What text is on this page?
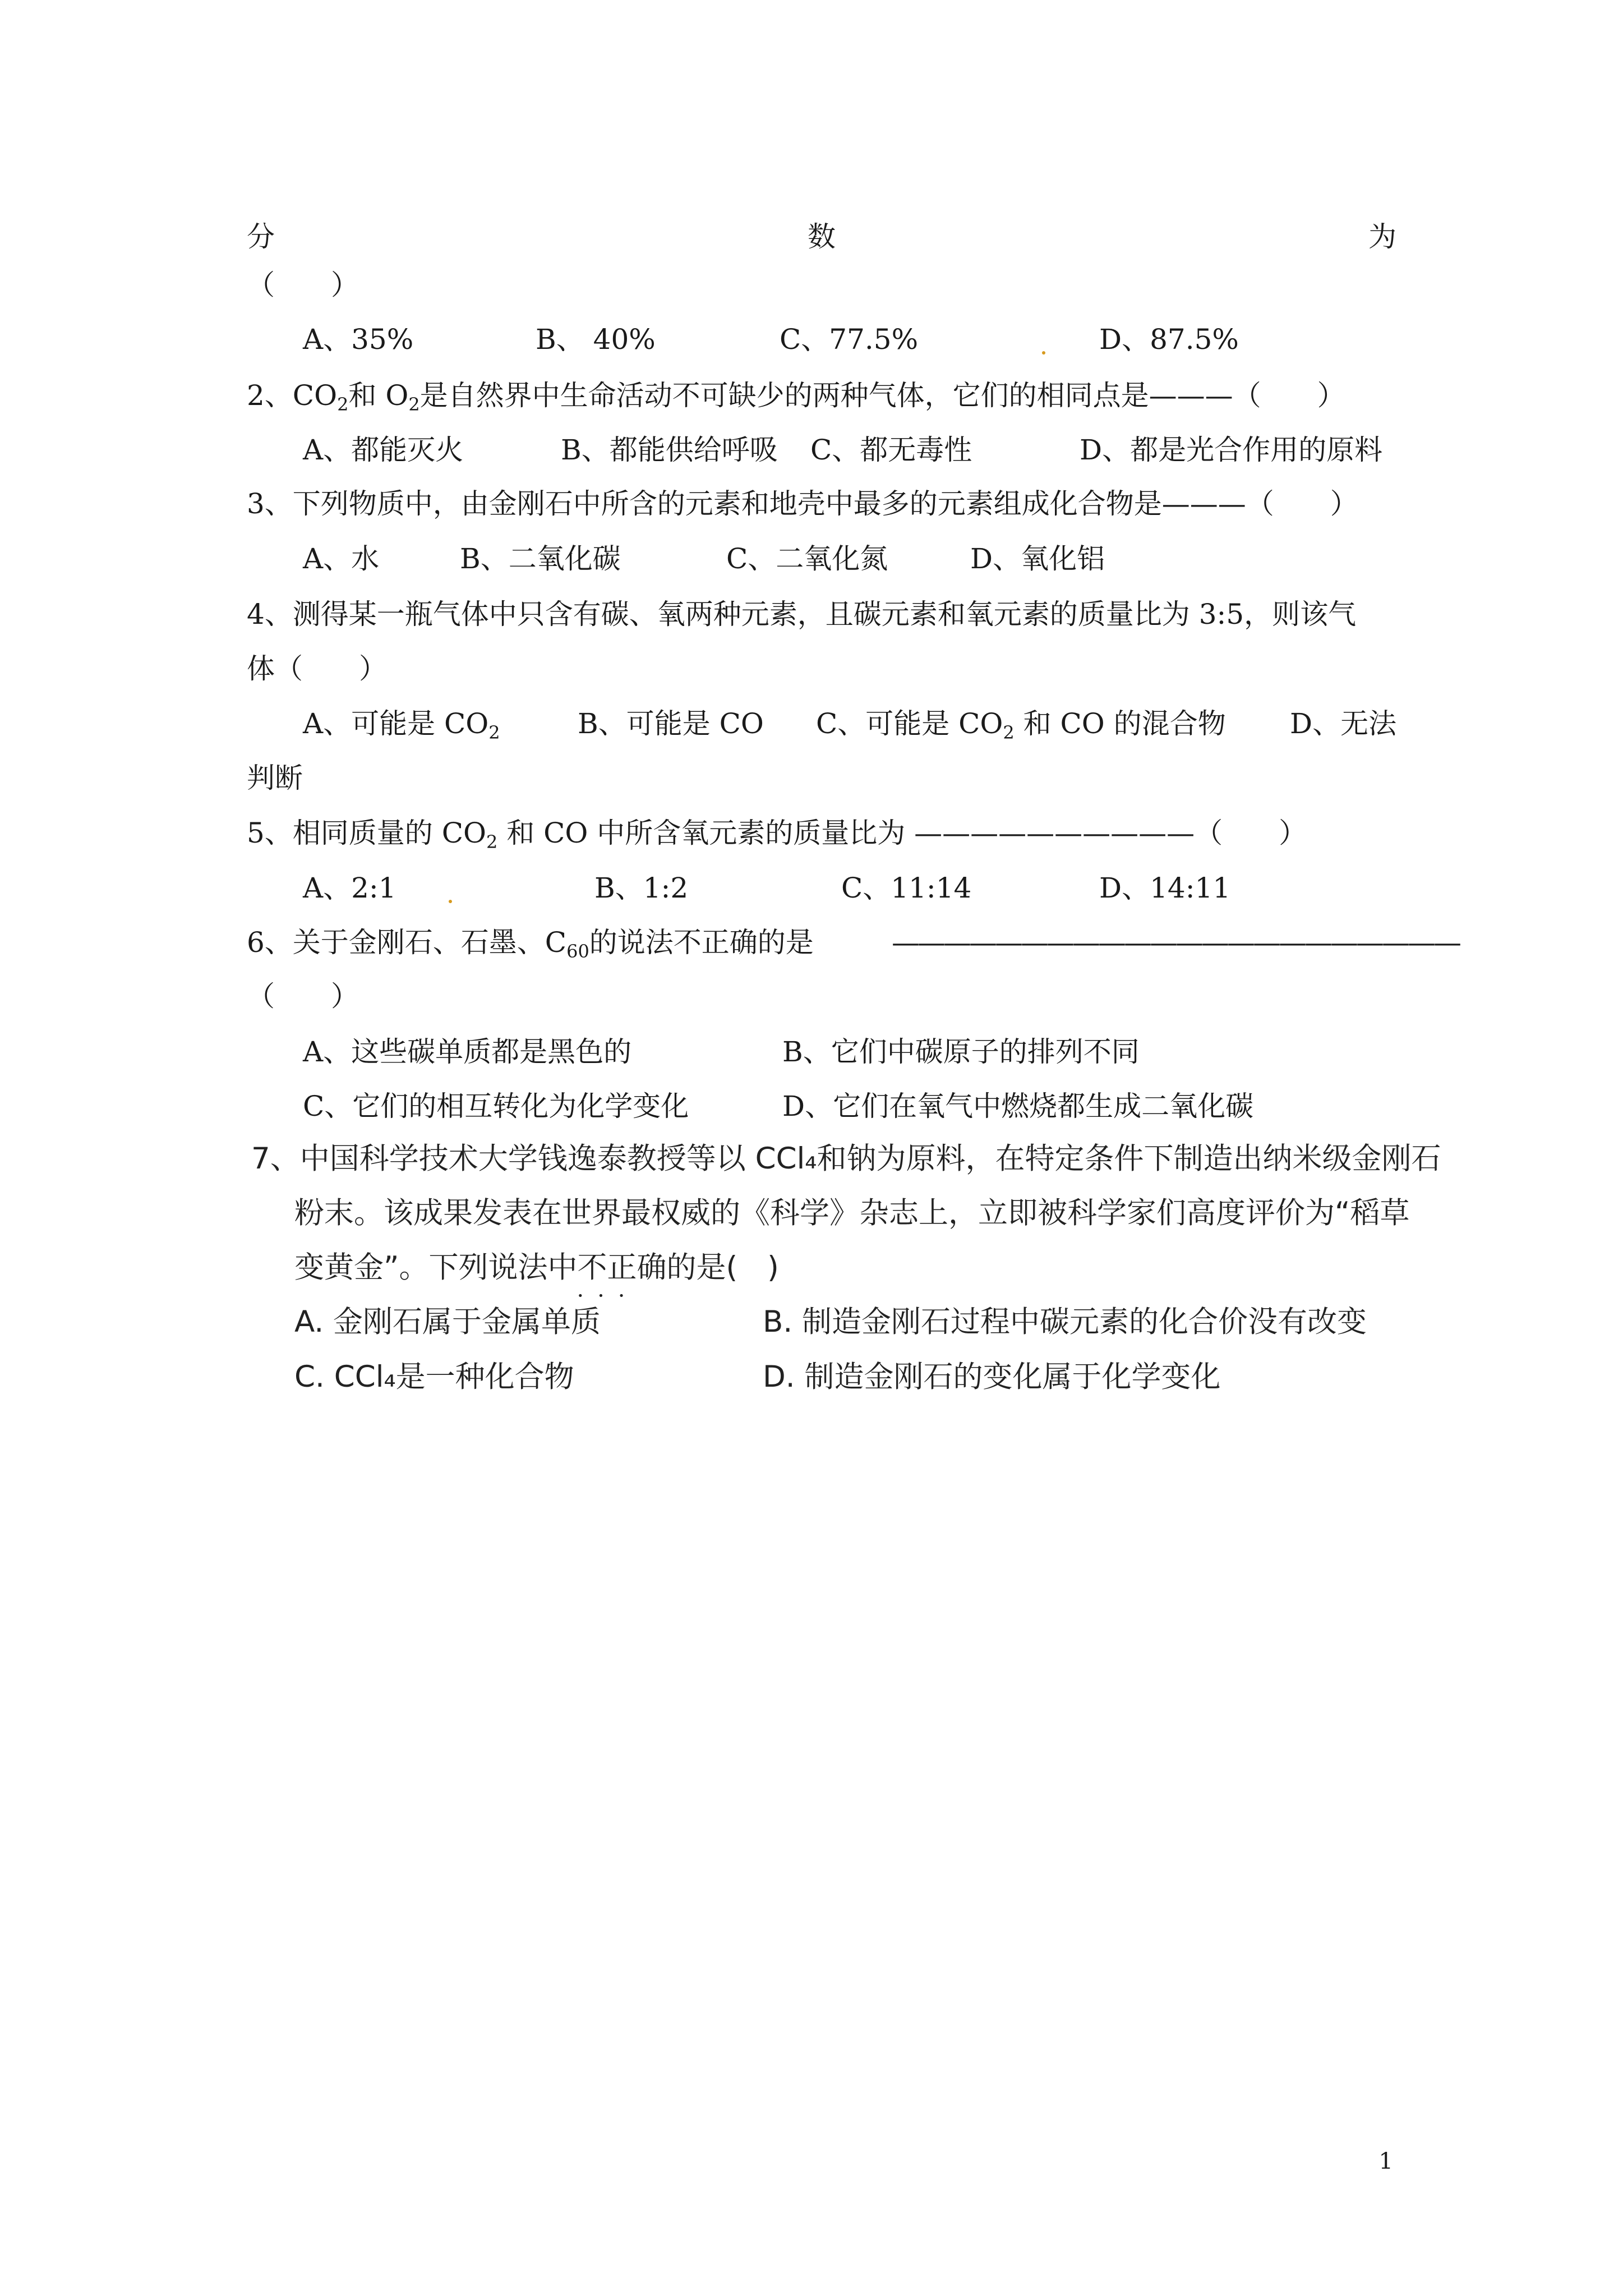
分	数	为
（　　）
A、35%	B、 40%	C、77.5%	D、87.5%
2、$CO_2$和 $O_2$是自然界中生命活动不可缺少的两种气体，它们的相同点是———（　　）
A、都能灭火	B、都能供给呼吸 C、都无毒性	D、都是光合作用的原料
3、下列物质中，由金刚石中所含的元素和地壳中最多的元素组成化合物是———（　　）
A、水	B、二氧化碳	C、二氧化氮	D、氧化铝
4、测得某一瓶气体中只含有碳、氧两种元素，且碳元素和氧元素的质量比为 3:5，则该气
体（　　）
A、可能是 $CO_2$	B、可能是 CO C、可能是 $CO_2$ 和 CO 的混合物 D、无法
判断
5、相同质量的 $CO_2$ 和 CO 中所含氧元素的质量比为 ——————————（　　）
A、2:1	B、1:2	C、11:14	D、14:11
6、关于金刚石、石墨、$C_{60}$的说法不正确的是	——————————————————————
（　　）
A、这些碳单质都是黑色的	B、它们中碳原子的排列不同
C、它们的相互转化为化学变化	D、它们在氧气中燃烧都生成二氧化碳
7、中国科学技术大学钱逸泰教授等以 CCl₄和钠为原料，在特定条件下制造出纳米级金刚石
粉末。该成果发表在世界最权威的《科学》杂志上，立即被科学家们高度评价为“稻草
变黄金”。下列说法中不正确 •••的是(　)
A. 金刚石属于金属单质	B. 制造金刚石过程中碳元素的化合价没有改变
C. CCl₄是一种化合物	D. 制造金刚石的变化属于化学变化
1
